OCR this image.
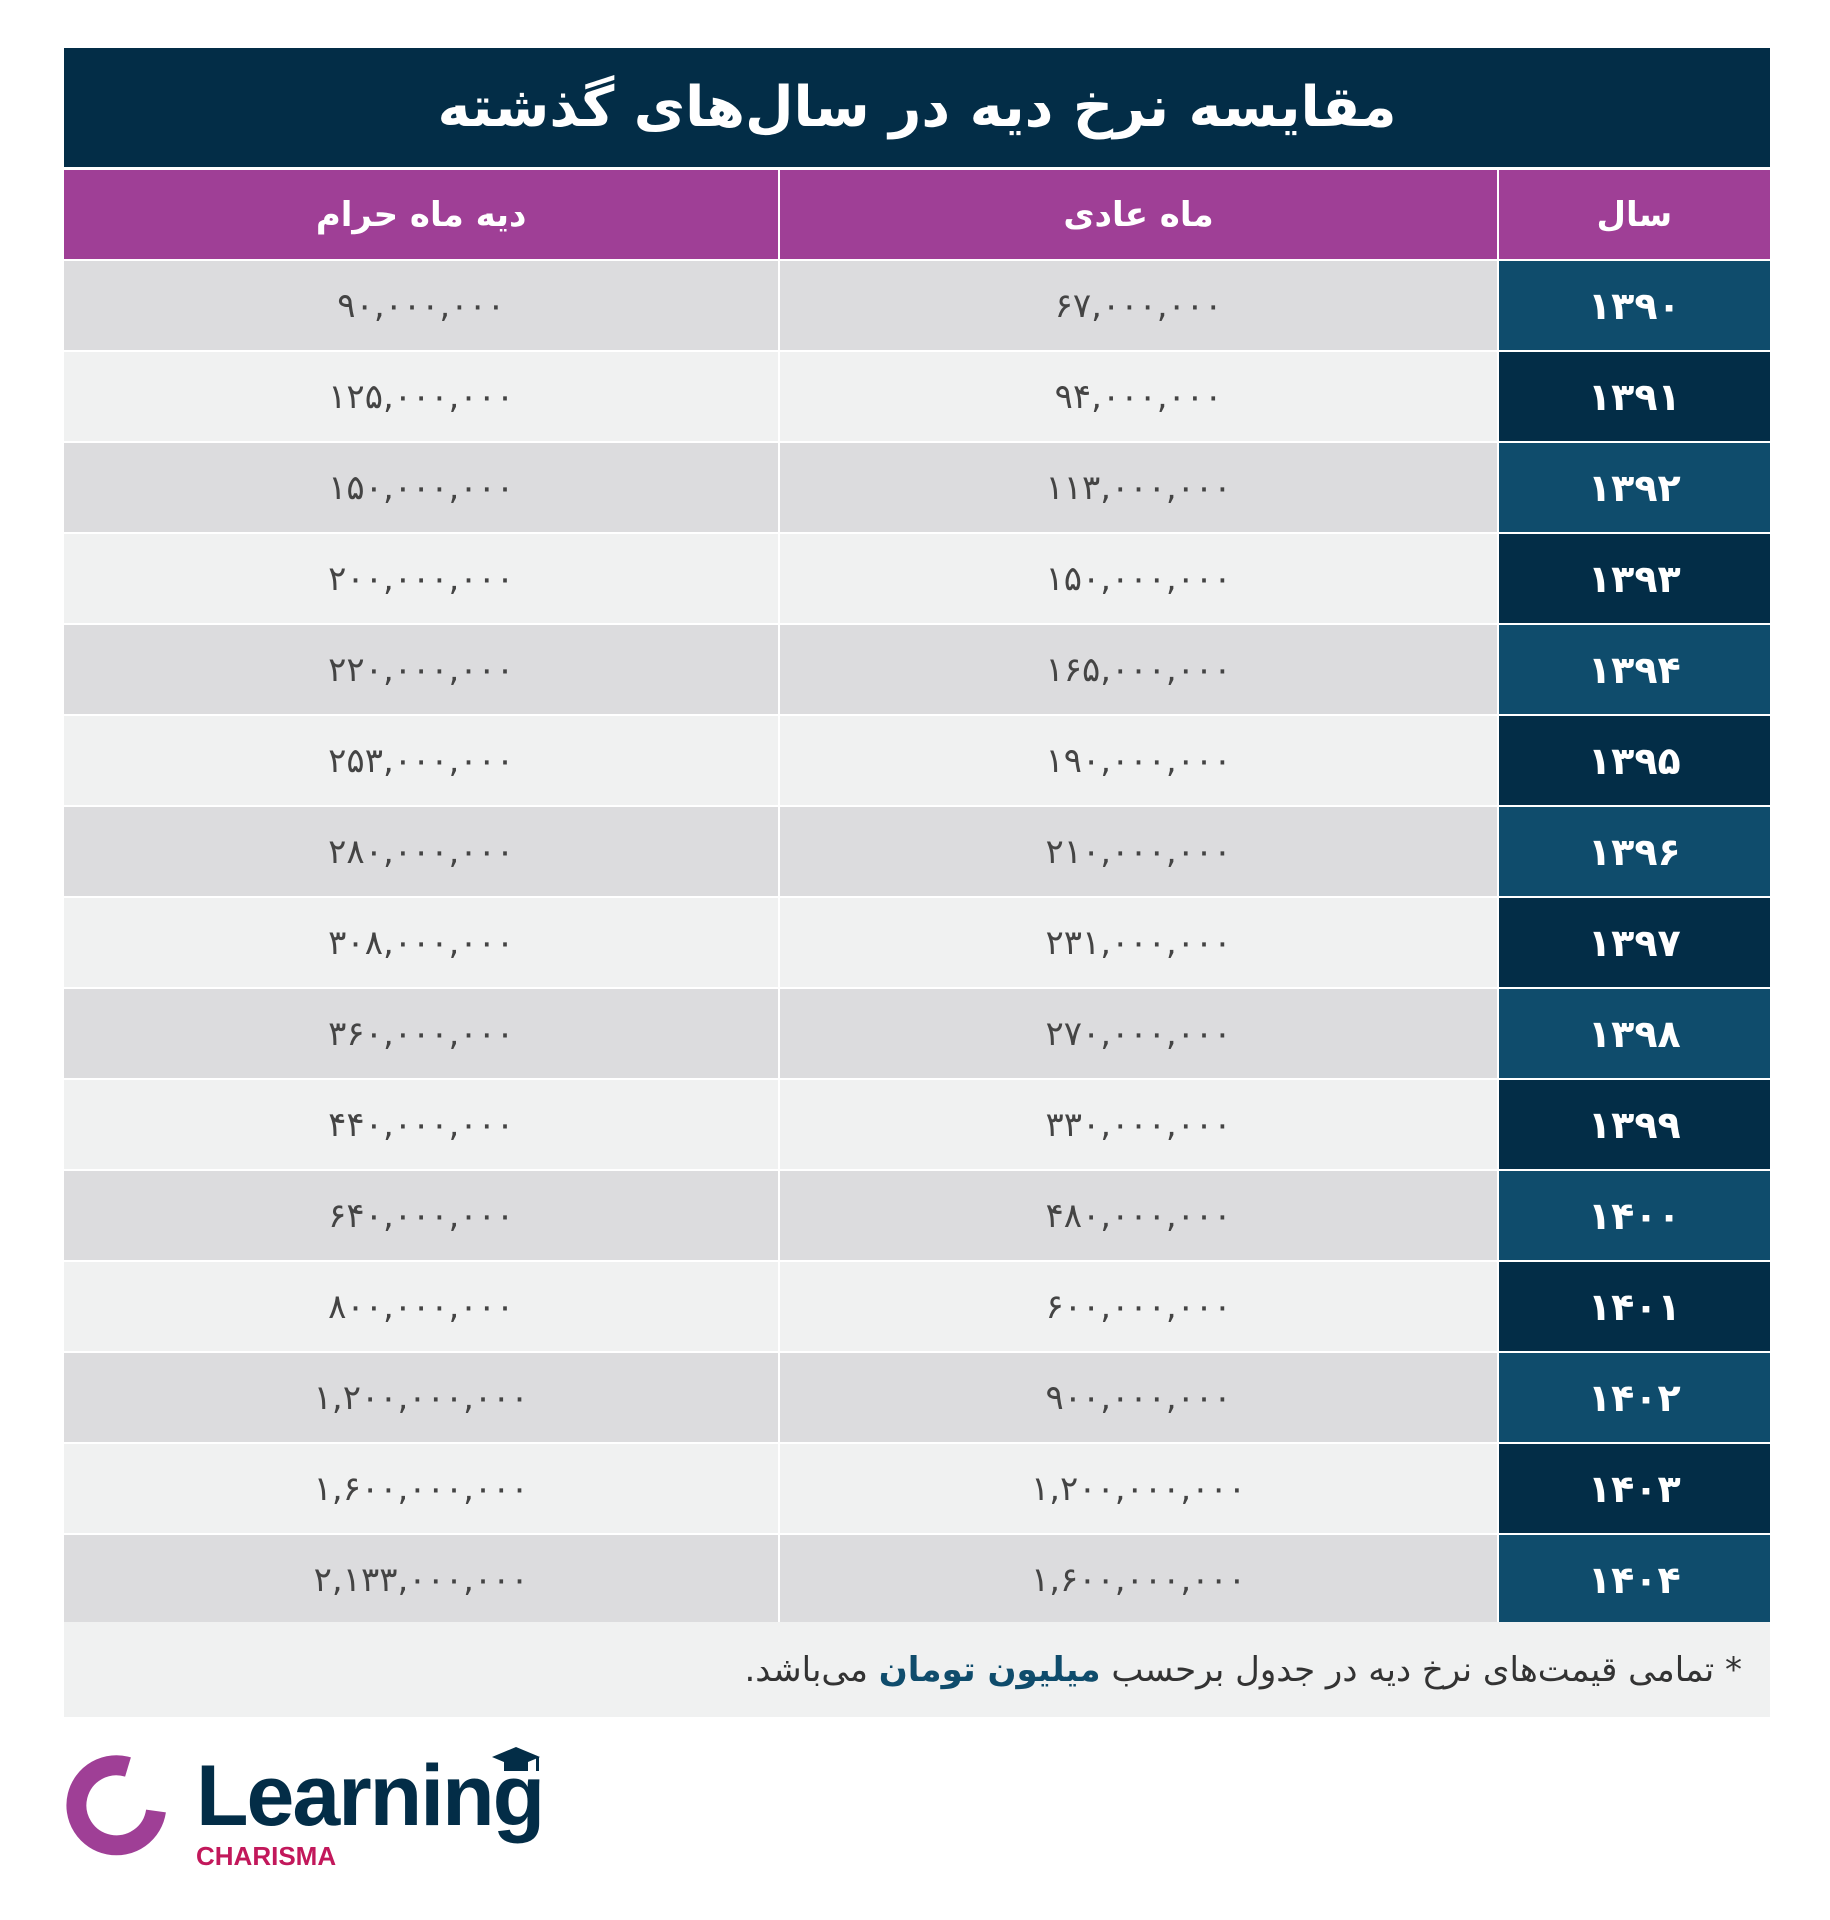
مقایسه نرخ دیه در سال‌های گذشته
سال
ماه عادی
دیه ماه حرام
۱۳۹۰
۶۷,۰۰۰,۰۰۰
۹۰,۰۰۰,۰۰۰
۱۳۹۱
۹۴,۰۰۰,۰۰۰
۱۲۵,۰۰۰,۰۰۰
۱۳۹۲
۱۱۳,۰۰۰,۰۰۰
۱۵۰,۰۰۰,۰۰۰
۱۳۹۳
۱۵۰,۰۰۰,۰۰۰
۲۰۰,۰۰۰,۰۰۰
۱۳۹۴
۱۶۵,۰۰۰,۰۰۰
۲۲۰,۰۰۰,۰۰۰
۱۳۹۵
۱۹۰,۰۰۰,۰۰۰
۲۵۳,۰۰۰,۰۰۰
۱۳۹۶
۲۱۰,۰۰۰,۰۰۰
۲۸۰,۰۰۰,۰۰۰
۱۳۹۷
۲۳۱,۰۰۰,۰۰۰
۳۰۸,۰۰۰,۰۰۰
۱۳۹۸
۲۷۰,۰۰۰,۰۰۰
۳۶۰,۰۰۰,۰۰۰
۱۳۹۹
۳۳۰,۰۰۰,۰۰۰
۴۴۰,۰۰۰,۰۰۰
۱۴۰۰
۴۸۰,۰۰۰,۰۰۰
۶۴۰,۰۰۰,۰۰۰
۱۴۰۱
۶۰۰,۰۰۰,۰۰۰
۸۰۰,۰۰۰,۰۰۰
۱۴۰۲
۹۰۰,۰۰۰,۰۰۰
۱,۲۰۰,۰۰۰,۰۰۰
۱۴۰۳
۱,۲۰۰,۰۰۰,۰۰۰
۱,۶۰۰,۰۰۰,۰۰۰
۱۴۰۴
۱,۶۰۰,۰۰۰,۰۰۰
۲,۱۳۳,۰۰۰,۰۰۰
* تمامی قیمت‌های نرخ دیه در جدول برحسب میلیون تومان می‌باشد.
Learning
CHARISMA
